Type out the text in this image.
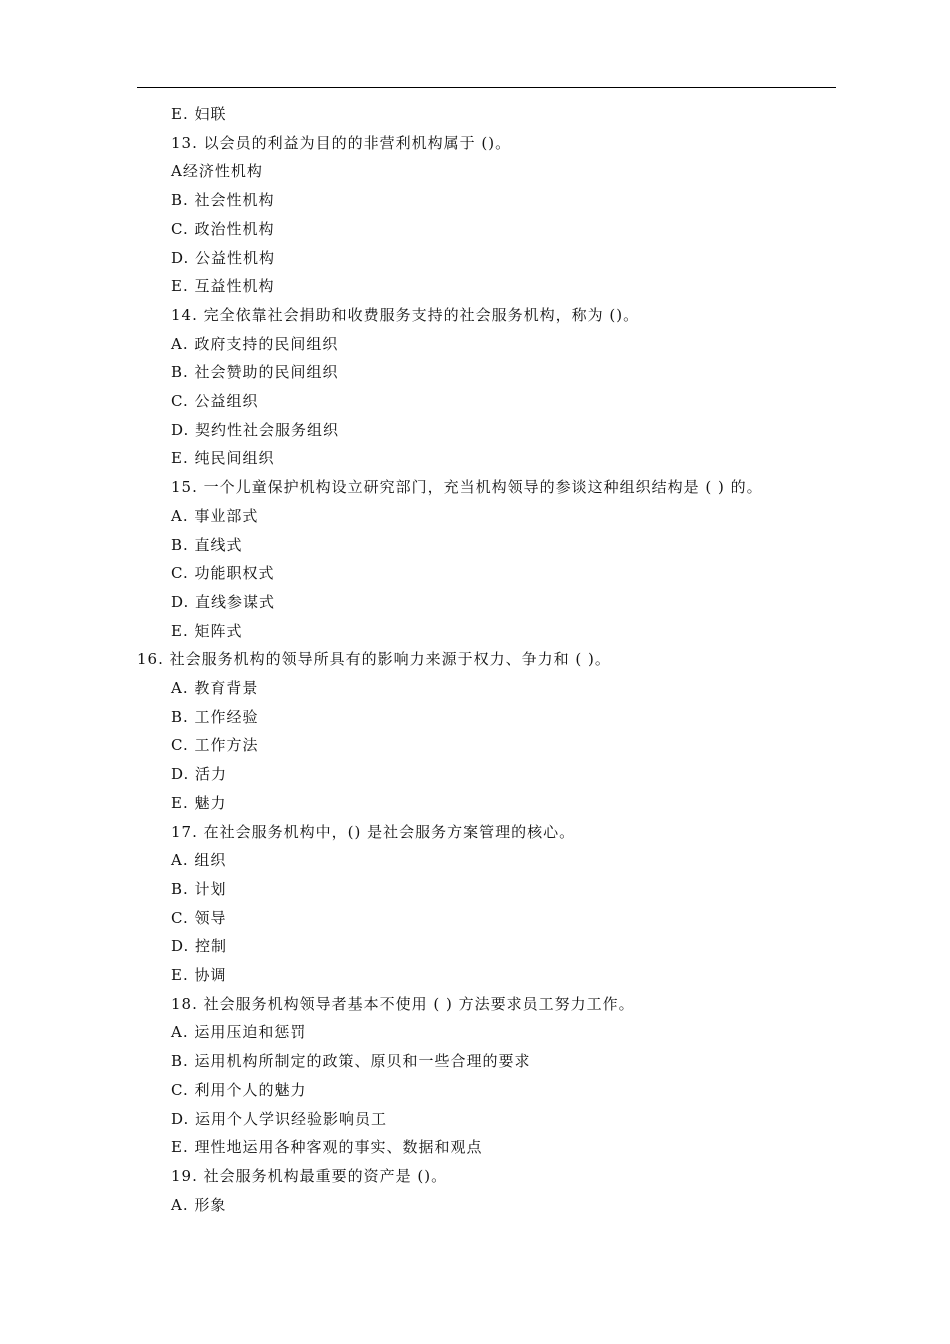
E. 妇联
13. 以会员的利益为目的的非营利机构属于 ()。
A经济性机构
B. 社会性机构
C. 政治性机构
D. 公益性机构
E. 互益性机构
14. 完全依靠社会捐助和收费服务支持的社会服务机构，称为 ()。
A. 政府支持的民间组织
B. 社会赞助的民间组织
C. 公益组织
D. 契约性社会服务组织
E. 纯民间组织
15. 一个儿童保护机构设立研究部门，充当机构领导的参谈这种组织结构是 ( ) 的。
A. 事业部式
B. 直线式
C. 功能职权式
D. 直线参谋式
E. 矩阵式
16. 社会服务机构的领导所具有的影响力来源于权力、争力和 ( )。
A. 教育背景
B. 工作经验
C. 工作方法
D. 活力
E. 魅力
17. 在社会服务机构中，() 是社会服务方案管理的核心。
A. 组织
B. 计划
C. 领导
D. 控制
E. 协调
18. 社会服务机构领导者基本不使用 ( ) 方法要求员工努力工作。
A. 运用压迫和惩罚
B. 运用机构所制定的政策、原贝和一些合理的要求
C. 利用个人的魅力
D. 运用个人学识经验影响员工
E. 理性地运用各种客观的事实、数据和观点
19. 社会服务机构最重要的资产是 ()。
A. 形象
